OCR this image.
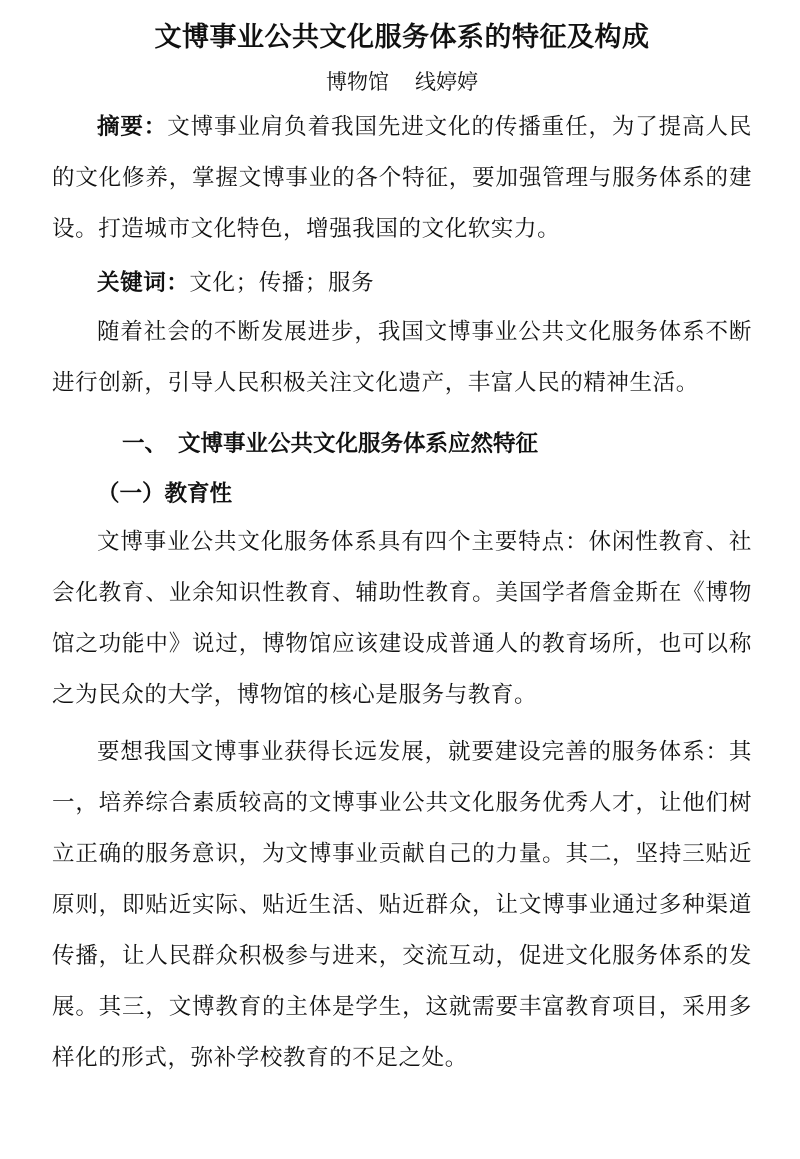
文博事业公共文化服务体系的特征及构成

博物馆 线婷婷

摘要：文博事业肩负着我国先进文化的传播重任，为了提高人民的文化修养，掌握文博事业的各个特征，要加强管理与服务体系的建设。打造城市文化特色，增强我国的文化软实力。

关键词：文化；传播；服务

随着社会的不断发展进步，我国文博事业公共文化服务体系不断进行创新，引导人民积极关注文化遗产，丰富人民的精神生活。

一、 文博事业公共文化服务体系应然特征
（一）教育性

文博事业公共文化服务体系具有四个主要特点：休闲性教育、社会化教育、业余知识性教育、辅助性教育。美国学者詹金斯在《博物馆之功能中》说过，博物馆应该建设成普通人的教育场所，也可以称之为民众的大学，博物馆的核心是服务与教育。

要想我国文博事业获得长远发展，就要建设完善的服务体系：其一，培养综合素质较高的文博事业公共文化服务优秀人才，让他们树立正确的服务意识，为文博事业贡献自己的力量。其二，坚持三贴近原则，即贴近实际、贴近生活、贴近群众，让文博事业通过多种渠道传播，让人民群众积极参与进来，交流互动，促进文化服务体系的发展。其三，文博教育的主体是学生，这就需要丰富教育项目，采用多样化的形式，弥补学校教育的不足之处。
